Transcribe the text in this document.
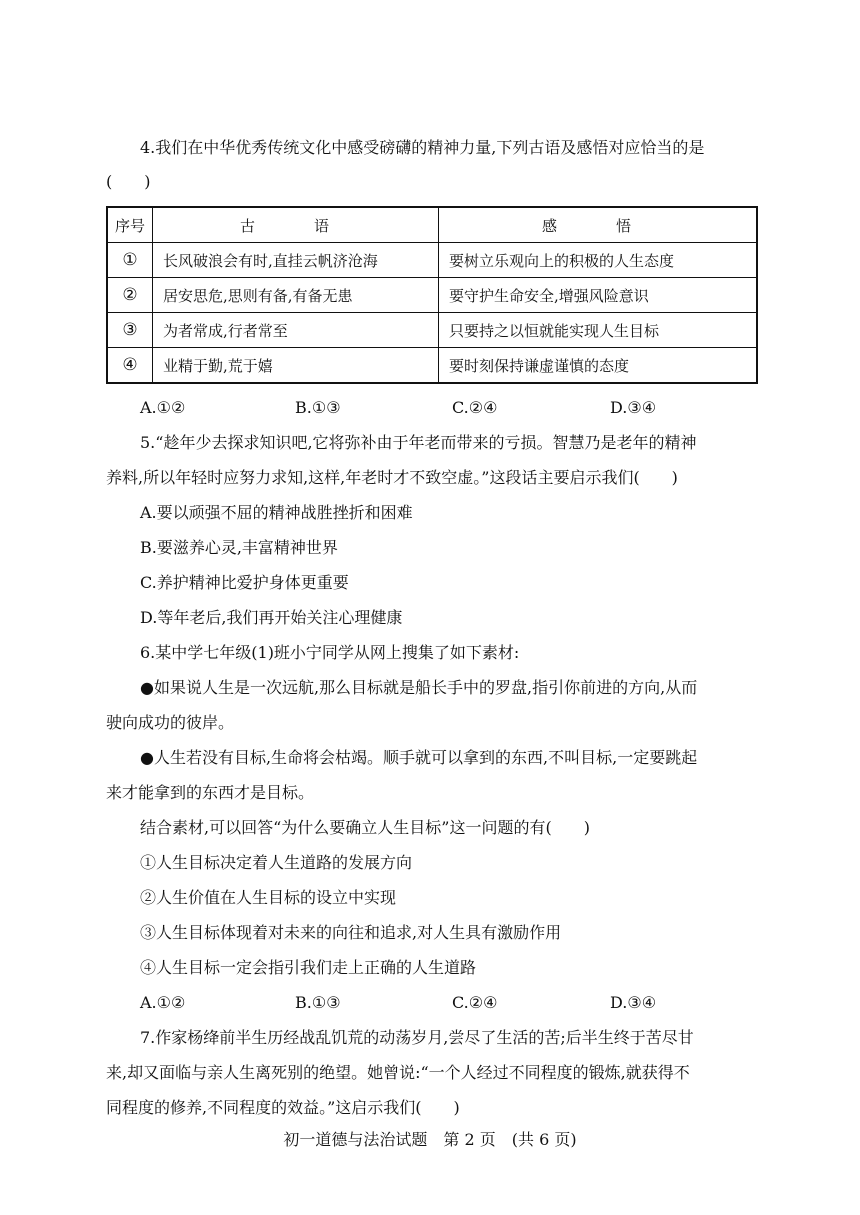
4.我们在中华优秀传统文化中感受磅礴的精神力量,下列古语及感悟对应恰当的是
(　　)
序号	古　语	感　悟
①	长风破浪会有时,直挂云帆济沧海	要树立乐观向上的积极的人生态度
②	居安思危,思则有备,有备无患	要守护生命安全,增强风险意识
③	为者常成,行者常至	只要持之以恒就能实现人生目标
④	业精于勤,荒于嬉	要时刻保持谦虚谨慎的态度
A.①②	B.①③	C.②④	D.③④
5.“趁年少去探求知识吧,它将弥补由于年老而带来的亏损。智慧乃是老年的精神
养料,所以年轻时应努力求知,这样,年老时才不致空虚。”这段话主要启示我们(　　)
A.要以顽强不屈的精神战胜挫折和困难
B.要滋养心灵,丰富精神世界
C.养护精神比爱护身体更重要
D.等年老后,我们再开始关注心理健康
6.某中学七年级(1)班小宁同学从网上搜集了如下素材:
●如果说人生是一次远航,那么目标就是船长手中的罗盘,指引你前进的方向,从而
驶向成功的彼岸。
●人生若没有目标,生命将会枯竭。顺手就可以拿到的东西,不叫目标,一定要跳起
来才能拿到的东西才是目标。
结合素材,可以回答“为什么要确立人生目标”这一问题的有(　　)
①人生目标决定着人生道路的发展方向
②人生价值在人生目标的设立中实现
③人生目标体现着对未来的向往和追求,对人生具有激励作用
④人生目标一定会指引我们走上正确的人生道路
A.①②	B.①③	C.②④	D.③④
7.作家杨绛前半生历经战乱饥荒的动荡岁月,尝尽了生活的苦;后半生终于苦尽甘
来,却又面临与亲人生离死别的绝望。她曾说:“一个人经过不同程度的锻炼,就获得不
同程度的修养,不同程度的效益。”这启示我们(　　)
初一道德与法治试题　第 2 页　(共 6 页)
